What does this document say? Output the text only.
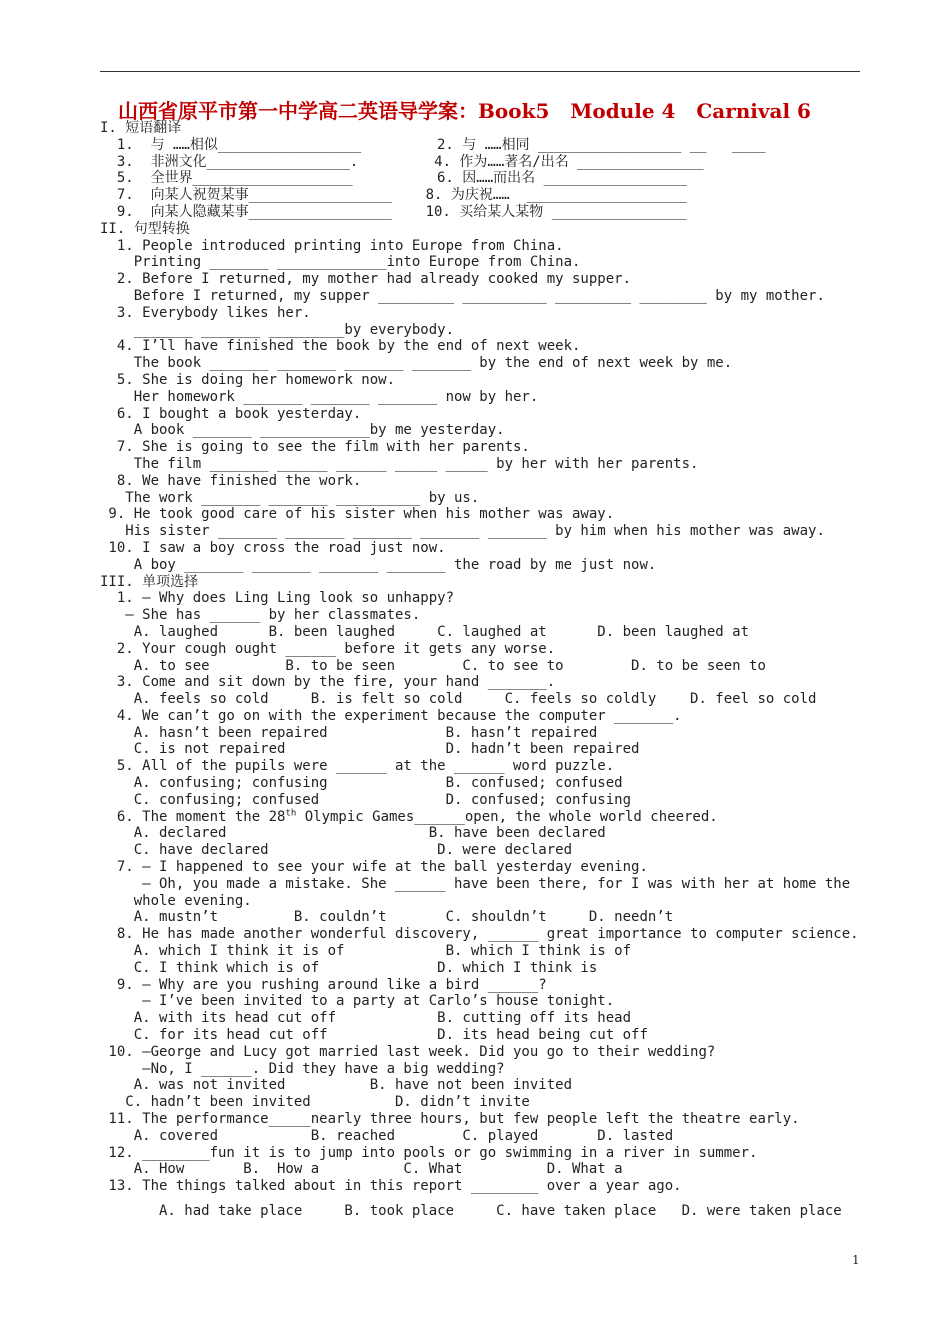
山西省原平市第一中学高二英语导学案：Book5   Module 4   Carnival 6
I. 短语翻译
1.  与 ……相似_________________         2. 与 ……相同 _________________ __   ____
3.  非洲文化_________________.         4. 作为……著名/出名 _______________
5.  全世界___________________          6. 因……而出名 _________________
7.  向某人祝贺某事_________________    8. 为庆祝……  ___________________
9.  向某人隐藏某事_________________    10. 买给某人某物 ________________
II. 句型转换
1. People introduced printing into Europe from China.
Printing _______ _____________into Europe from China.
2. Before I returned, my mother had already cooked my supper.
Before I returned, my supper _________ __________ _________ ________ by my mother.
3. Everybody likes her.
_______ _______ _________by everybody.
4. I’ll have finished the book by the end of next week.
The book _______ _______ _______ _______ by the end of next week by me.
5. She is doing her homework now.
Her homework _______ _______ _______ now by her.
6. I bought a book yesterday.
A book _______ _____________by me yesterday.
7. She is going to see the film with her parents.
The film _______ ______ ______ _____ _____ by her with her parents.
8. We have finished the work.
The work _______ _______ __________ by us.
9. He took good care of his sister when his mother was away.
His sister _______ _______ _______ _______ _______ by him when his mother was away.
10. I saw a boy cross the road just now.
A boy _______ _______ _______ _______ the road by me just now.
III. 单项选择
1. — Why does Ling Ling look so unhappy?
— She has ______ by her classmates.
A. laughed      B. been laughed     C. laughed at      D. been laughed at
2. Your cough ought ______ before it gets any worse.
A. to see         B. to be seen        C. to see to        D. to be seen to
3. Come and sit down by the fire, your hand _______.
A. feels so cold     B. is felt so cold     C. feels so coldly    D. feel so cold
4. We can’t go on with the experiment because the computer _______.
A. hasn’t been repaired              B. hasn’t repaired
C. is not repaired                   D. hadn’t been repaired
5. All of the pupils were ______ at the ______ word puzzle.
A. confusing; confusing              B. confused; confused
C. confusing; confused               D. confused; confusing
6. The moment the 28th Olympic Games______open, the whole world cheered.
A. declared                        B. have been declared
C. have declared                    D. were declared
7. — I happened to see your wife at the ball yesterday evening.
— Oh, you made a mistake. She ______ have been there, for I was with her at home the
whole evening.
A. mustn’t         B. couldn’t       C. shouldn’t     D. needn’t
8. He has made another wonderful discovery, ______ great importance to computer science.
A. which I think it is of            B. which I think is of
C. I think which is of              D. which I think is
9. — Why are you rushing around like a bird ______?
— I’ve been invited to a party at Carlo’s house tonight.
A. with its head cut off            B. cutting off its head
C. for its head cut off             D. its head being cut off
10. —George and Lucy got married last week. Did you go to their wedding?
—No, I ______. Did they have a big wedding?
A. was not invited          B. have not been invited
C. hadn’t been invited          D. didn’t invite
11. The performance_____nearly three hours, but few people left the theatre early.
A. covered           B. reached        C. played       D. lasted
12. ________fun it is to jump into pools or go swimming in a river in summer.
A. How       B.  How a          C. What          D. What a
13. The things talked about in this report ________ over a year ago.
A. had take place     B. took place     C. have taken place   D. were taken place
1
